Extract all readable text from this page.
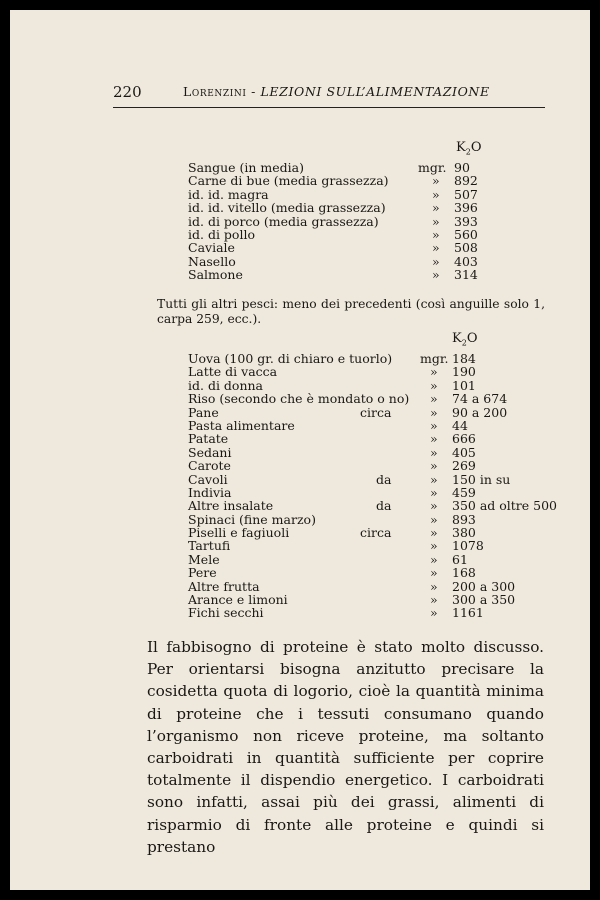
220	Lorenzini - LEZIONI SULL’ALIMENTAZIONE
$K_2O$
Sangue (in media)	mgr. 90
Carne di bue (media grassezza)	» 892
id. id. magra	» 507
id. id. vitello (media grassezza)	» 396
id. di porco (media grassezza)	» 393
id. di pollo	» 560
Caviale	» 508
Nasello	» 403
Salmone	» 314
Tutti gli altri pesci: meno dei precedenti (così anguille solo 1, carpa 259, ecc.).
$K_2O$
Uova (100 gr. di chiaro e tuorlo) mgr. 184
Latte di vacca	» 190
id. di donna	» 101
Riso (secondo che è mondato o no) » 74 a 674
Pane	circa	» 90 a 200
Pasta alimentare	» 44
Patate	» 666
Sedani	» 405
Carote	» 269
Cavoli	da	» 150 in su
Indivia	» 459
Altre insalate	da	» 350 ad oltre 500
Spinaci (fine marzo)	» 893
Piselli e fagiuoli	circa	» 380
Tartufi	» 1078
Mele	» 61
Pere	» 168
Altre frutta	» 200 a 300
Arance e limoni	» 300 a 350
Fichi secchi	» 1161
Il fabbisogno di proteine è stato molto discusso. Per orientarsi bisogna anzitutto precisare la cosidetta quota di logorio, cioè la quantità minima di proteine che i tessuti consumano quando l’organismo non riceve proteine, ma soltanto carboidrati in quantità sufficiente per coprire totalmente il dispendio energetico. I carboidrati sono infatti, assai più dei grassi, alimenti di risparmio di fronte alle proteine e quindi si prestano
